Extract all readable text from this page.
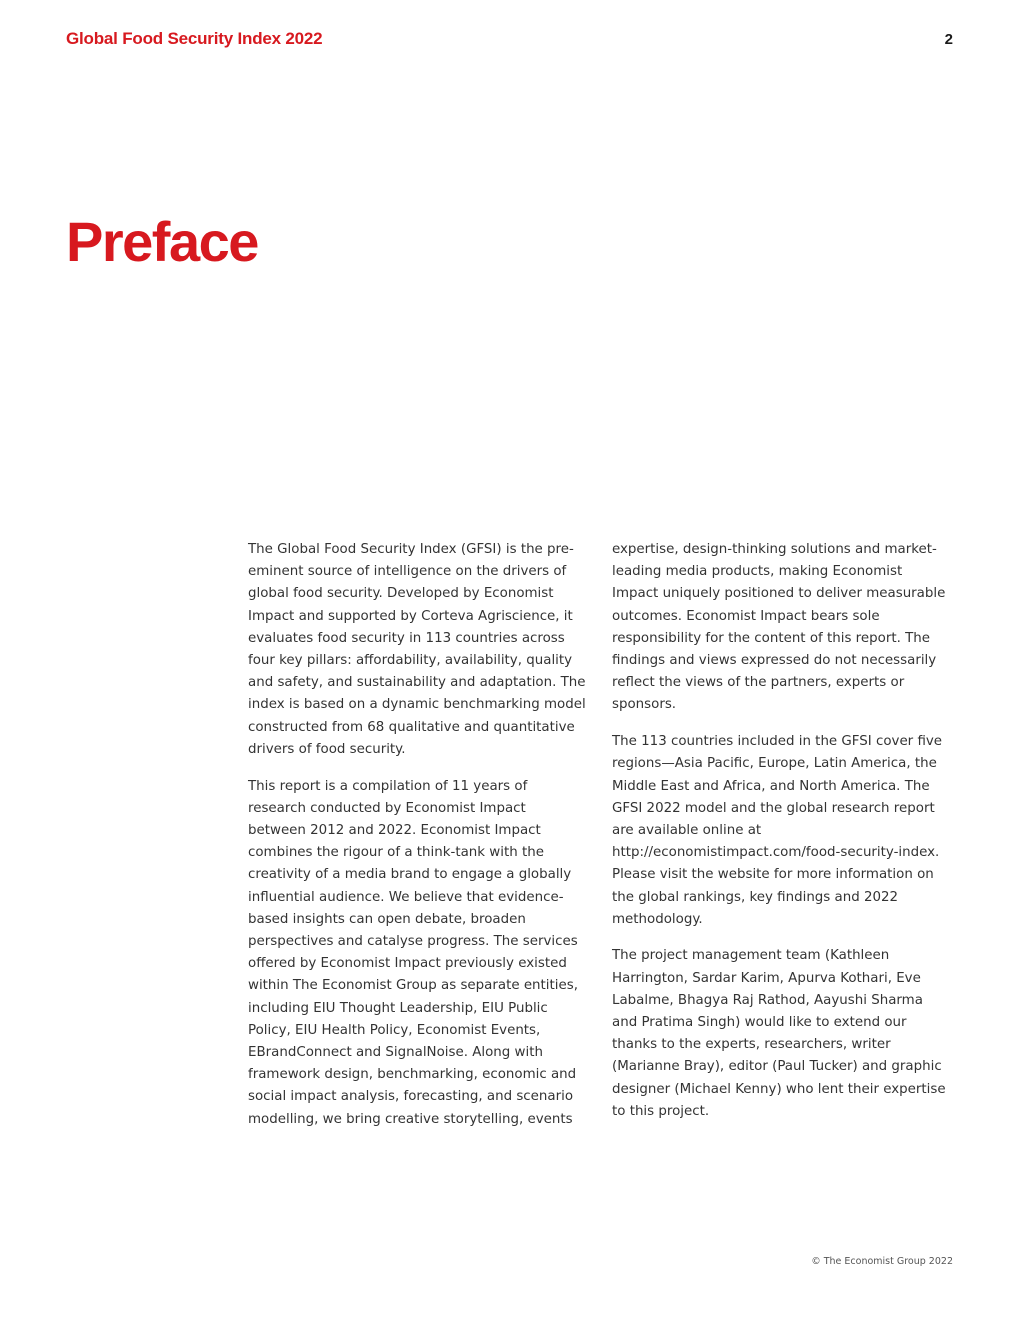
Global Food Security Index 2022	2
Preface

The Global Food Security Index (GFSI) is the pre-eminent source of intelligence on the drivers of global food security. Developed by Economist Impact and supported by Corteva Agriscience, it evaluates food security in 113 countries across four key pillars: affordability, availability, quality and safety, and sustainability and adaptation. The index is based on a dynamic benchmarking model constructed from 68 qualitative and quantitative drivers of food security.

This report is a compilation of 11 years of research conducted by Economist Impact between 2012 and 2022. Economist Impact combines the rigour of a think-tank with the creativity of a media brand to engage a globally influential audience. We believe that evidence-based insights can open debate, broaden perspectives and catalyse progress. The services offered by Economist Impact previously existed within The Economist Group as separate entities, including EIU Thought Leadership, EIU Public Policy, EIU Health Policy, Economist Events, EBrandConnect and SignalNoise. Along with framework design, benchmarking, economic and social impact analysis, forecasting, and scenario modelling, we bring creative storytelling, events

expertise, design-thinking solutions and market-leading media products, making Economist Impact uniquely positioned to deliver measurable outcomes. Economist Impact bears sole responsibility for the content of this report. The findings and views expressed do not necessarily reflect the views of the partners, experts or sponsors.

The 113 countries included in the GFSI cover five regions—Asia Pacific, Europe, Latin America, the Middle East and Africa, and North America. The GFSI 2022 model and the global research report are available online at http://economistimpact.com/food-security-index. Please visit the website for more information on the global rankings, key findings and 2022 methodology.

The project management team (Kathleen Harrington, Sardar Karim, Apurva Kothari, Eve Labalme, Bhagya Raj Rathod, Aayushi Sharma and Pratima Singh) would like to extend our thanks to the experts, researchers, writer (Marianne Bray), editor (Paul Tucker) and graphic designer (Michael Kenny) who lent their expertise to this project.

© The Economist Group 2022
